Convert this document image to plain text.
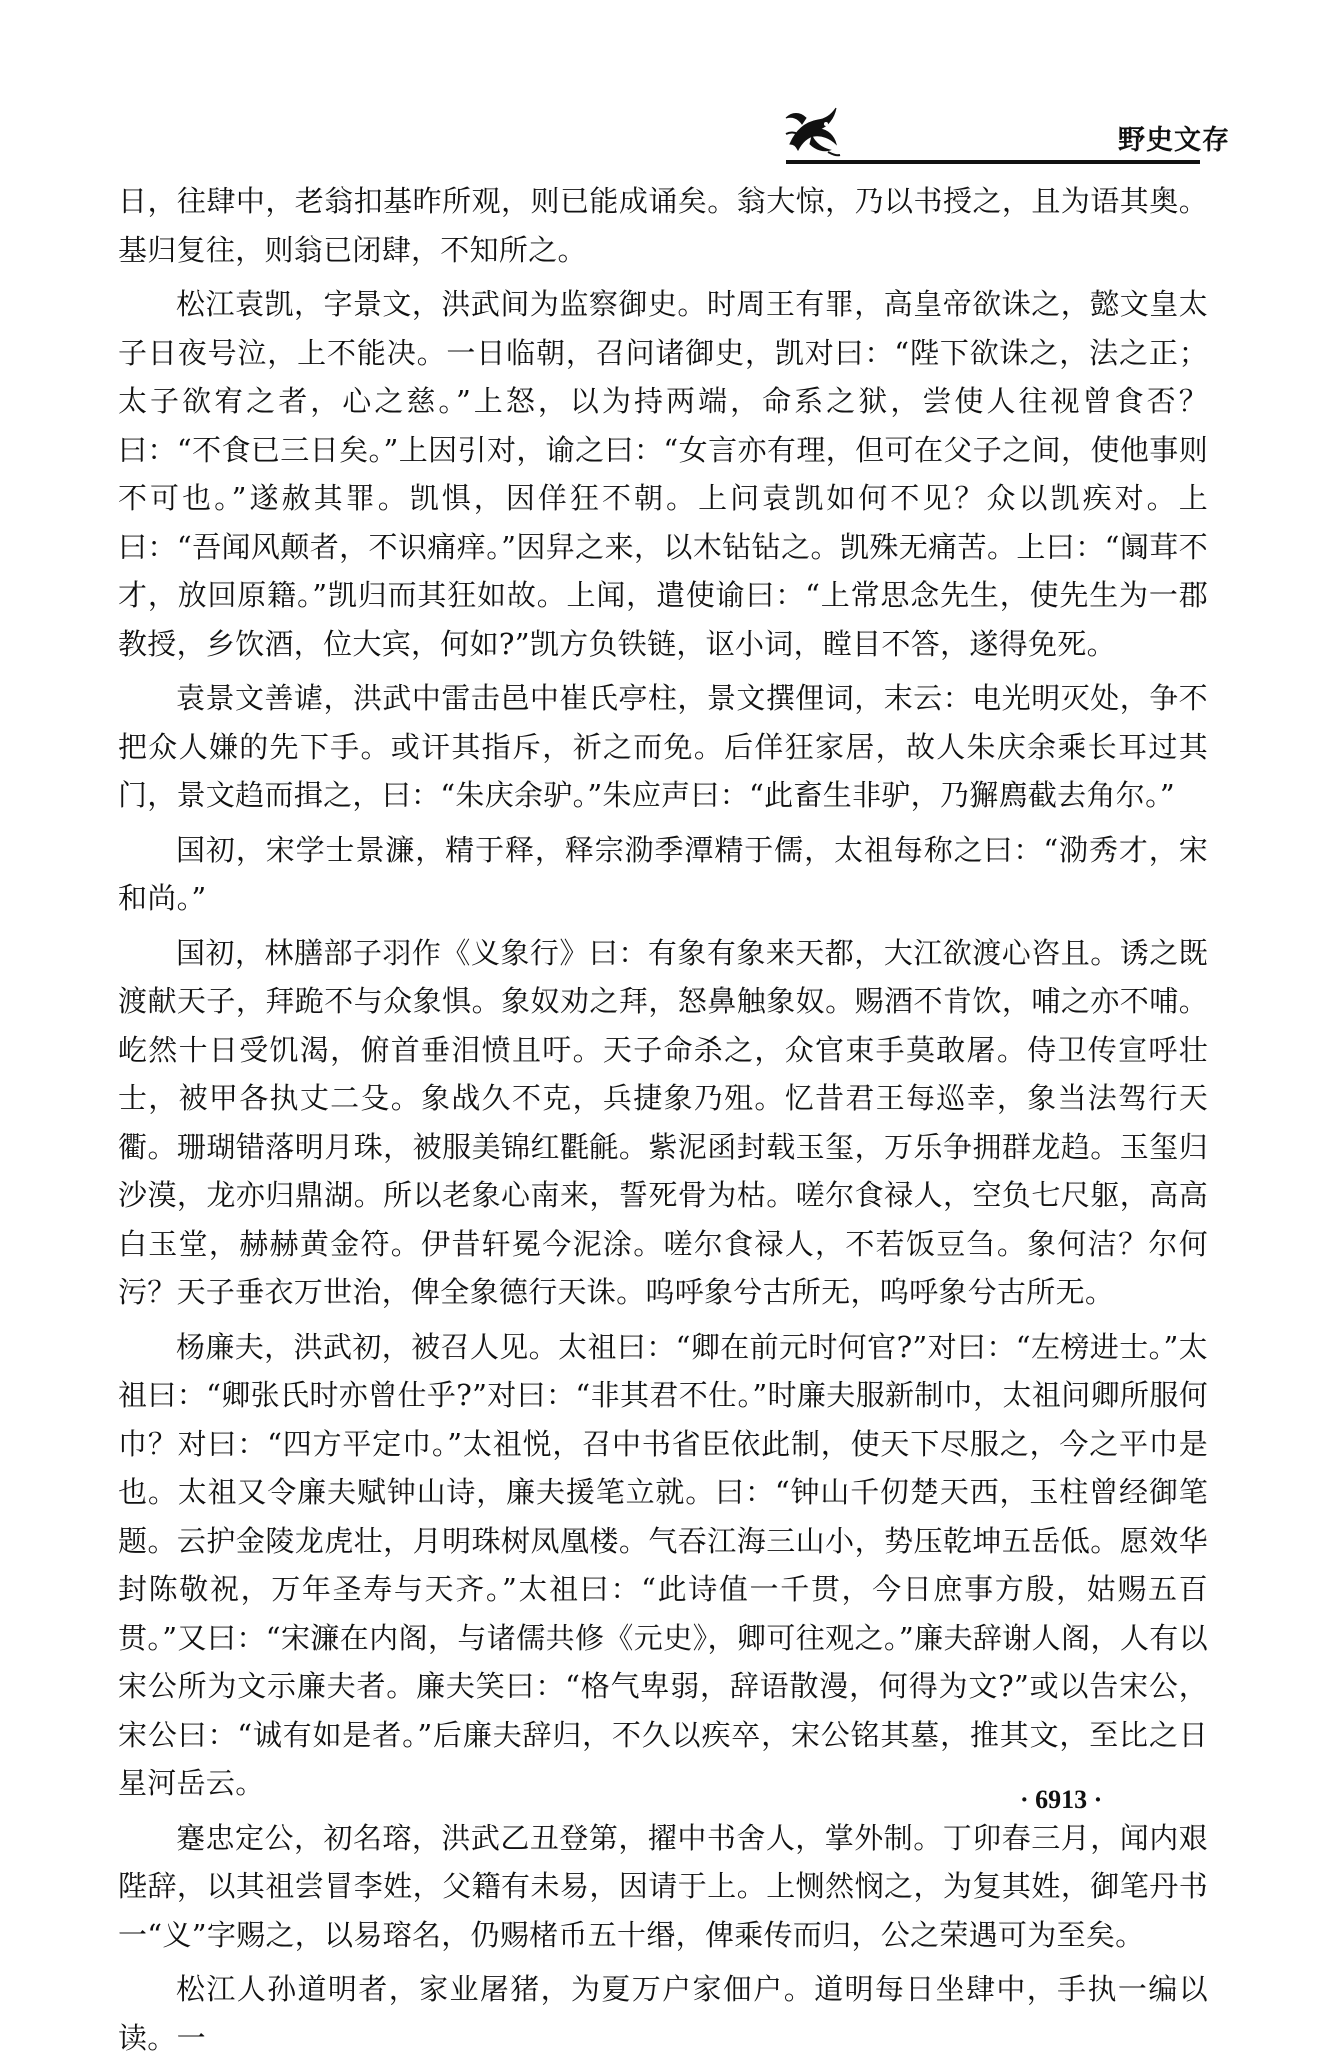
野史文存

日，往肆中，老翁扣基昨所观，则已能成诵矣。翁大惊，乃以书授之，且为语其奥。基归复往，则翁已闭肆，不知所之。

松江袁凯，字景文，洪武间为监察御史。时周王有罪，高皇帝欲诛之，懿文皇太子日夜号泣，上不能决。一日临朝，召问诸御史，凯对曰：“陛下欲诛之，法之正；太子欲宥之者，心之慈。”上怒，以为持两端，命系之狱，尝使人往视曾食否？曰：“不食已三日矣。”上因引对，谕之曰：“女言亦有理，但可在父子之间，使他事则不可也。”遂赦其罪。凯惧，因佯狂不朝。上问袁凯如何不见？众以凯疾对。上曰：“吾闻风颠者，不识痛痒。”因舁之来，以木钻钻之。凯殊无痛苦。上曰：“阘茸不才，放回原籍。”凯归而其狂如故。上闻，遣使谕曰：“上常思念先生，使先生为一郡教授，乡饮酒，位大宾，何如?”凯方负铁链，讴小词，瞠目不答，遂得免死。

袁景文善谑，洪武中雷击邑中崔氏亭柱，景文撰俚词，末云：电光明灭处，争不把众人嫌的先下手。或讦其指斥，祈之而免。后佯狂家居，故人朱庆余乘长耳过其门，景文趋而揖之，曰：“朱庆余驴。”朱应声曰：“此畜生非驴，乃獬廌截去角尔。”

国初，宋学士景濂，精于释，释宗泐季潭精于儒，太祖每称之曰：“泐秀才，宋和尚。”

国初，林膳部子羽作《义象行》曰：有象有象来天都，大江欲渡心咨且。诱之既渡献天子，拜跪不与众象惧。象奴劝之拜，怒鼻触象奴。赐酒不肯饮，哺之亦不哺。屹然十日受饥渴，俯首垂泪愤且吁。天子命杀之，众官束手莫敢屠。侍卫传宣呼壮士，被甲各执丈二殳。象战久不克，兵捷象乃殂。忆昔君王每巡幸，象当法驾行天衢。珊瑚错落明月珠，被服美锦红氍毹。紫泥函封载玉玺，万乐争拥群龙趋。玉玺归沙漠，龙亦归鼎湖。所以老象心南来，誓死骨为枯。嗟尔食禄人，空负七尺躯，高高白玉堂，赫赫黄金符。伊昔轩冕今泥涂。嗟尔食禄人，不若饭豆刍。象何洁？尔何污？天子垂衣万世治，俾全象德行天诛。呜呼象兮古所无，呜呼象兮古所无。

杨廉夫，洪武初，被召人见。太祖曰：“卿在前元时何官?”对曰：“左榜进士。”太祖曰：“卿张氏时亦曾仕乎?”对曰：“非其君不仕。”时廉夫服新制巾，太祖问卿所服何巾？对曰：“四方平定巾。”太祖悦，召中书省臣依此制，使天下尽服之，今之平巾是也。太祖又令廉夫赋钟山诗，廉夫援笔立就。曰：“钟山千仞楚天西，玉柱曾经御笔题。云护金陵龙虎壮，月明珠树凤凰楼。气吞江海三山小，势压乾坤五岳低。愿效华封陈敬祝，万年圣寿与天齐。”太祖曰：“此诗值一千贯，今日庶事方殷，姑赐五百贯。”又曰：“宋濂在内阁，与诸儒共修《元史》，卿可往观之。”廉夫辞谢人阁，人有以宋公所为文示廉夫者。廉夫笑曰：“格气卑弱，辞语散漫，何得为文?”或以告宋公，宋公曰：“诚有如是者。”后廉夫辞归，不久以疾卒，宋公铭其墓，推其文，至比之日星河岳云。

蹇忠定公，初名瑢，洪武乙丑登第，擢中书舍人，掌外制。丁卯春三月，闻内艰陛辞，以其祖尝冒李姓，父籍有未易，因请于上。上恻然悯之，为复其姓，御笔丹书一“义”字赐之，以易瑢名，仍赐楮币五十缗，俾乘传而归，公之荣遇可为至矣。

松江人孙道明者，家业屠猪，为夏万户家佃户。道明每日坐肆中，手执一编以读。一

· 6913 ·
